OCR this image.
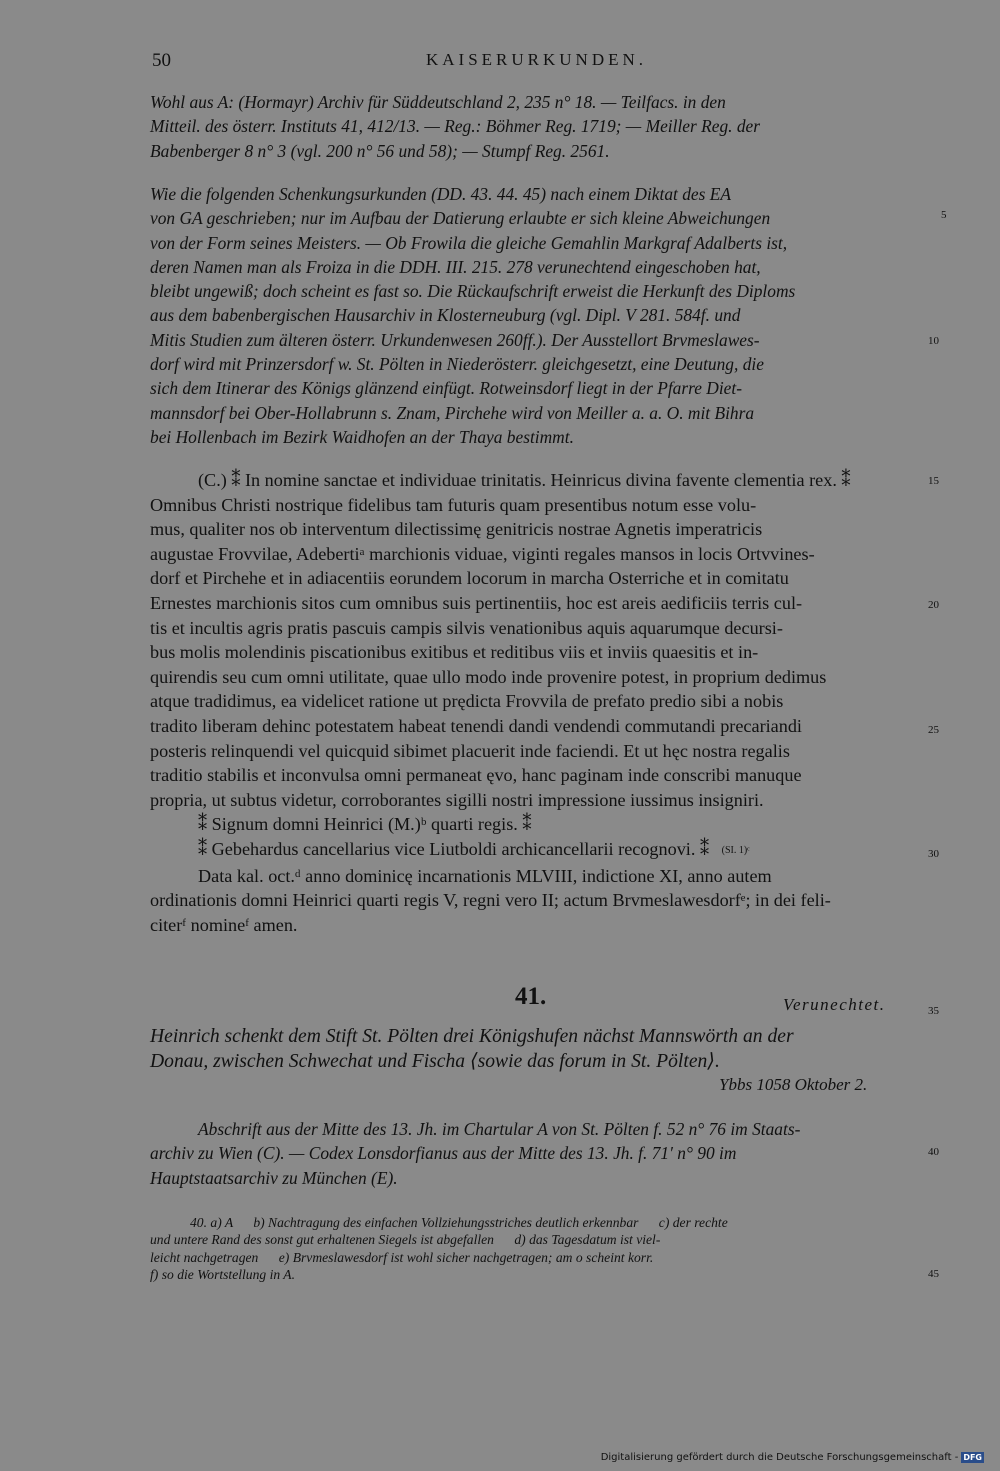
50	KAISERURKUNDEN.
Wohl aus A: (Hormayr) Archiv für Süddeutschland 2, 235 n° 18. — Teilfacs. in den
Mitteil. des österr. Instituts 41, 412/13. — Reg.: Böhmer Reg. 1719; — Meiller Reg. der
Babenberger 8 n° 3 (vgl. 200 n° 56 und 58); — Stumpf Reg. 2561.
Wie die folgenden Schenkungsurkunden (DD. 43. 44. 45) nach einem Diktat des EA
von GA geschrieben; nur im Aufbau der Datierung erlaubte er sich kleine Abweichungen
von der Form seines Meisters. — Ob Frowila die gleiche Gemahlin Markgraf Adalberts ist,
deren Namen man als Froiza in die DDH. III. 215. 278 verunechtend eingeschoben hat,
bleibt ungewiß; doch scheint es fast so. Die Rückaufschrift erweist die Herkunft des Diploms
aus dem babenbergischen Hausarchiv in Klosterneuburg (vgl. Dipl. V 281. 584f. und
Mitis Studien zum älteren österr. Urkundenwesen 260ff.). Der Ausstellort Brvmeslawes-
dorf wird mit Prinzersdorf w. St. Pölten in Niederösterr. gleichgesetzt, eine Deutung, die
sich dem Itinerar des Königs glänzend einfügt. Rotweinsdorf liegt in der Pfarre Diet-
mannsdorf bei Ober-Hollabrunn s. Znam, Pirchehe wird von Meiller a. a. O. mit Bihra
bei Hollenbach im Bezirk Waidhofen an der Thaya bestimmt.
(C.) ⁑ In nomine sanctae et individuae trinitatis. Heinricus divina favente clementia rex. ⁑
Omnibus Christi nostrique fidelibus tam futuris quam presentibus notum esse volu-
mus, qualiter nos ob interventum dilectissimę genitricis nostrae Agnetis imperatricis
augustae Frovvilae, Adebertiᵃ marchionis viduae, viginti regales mansos in locis Ortvvines-
dorf et Pirchehe et in adiacentiis eorundem locorum in marcha Osterriche et in comitatu
Ernestes marchionis sitos cum omnibus suis pertinentiis, hoc est areis aedificiis terris cul-
tis et incultis agris pratis pascuis campis silvis venationibus aquis aquarumque decursi-
bus molis molendinis piscationibus exitibus et reditibus viis et inviis quaesitis et in-
quirendis seu cum omni utilitate, quae ullo modo inde provenire potest, in proprium dedimus
atque tradidimus, ea videlicet ratione ut prędicta Frovvila de prefato predio sibi a nobis
tradito liberam dehinc potestatem habeat tenendi dandi vendendi commutandi precariandi
posteris relinquendi vel quicquid sibimet placuerit inde faciendi. Et ut hęc nostra regalis
traditio stabilis et inconvulsa omni permaneat ęvo, hanc paginam inde conscribi manuque
propria, ut subtus videtur, corroborantes sigilli nostri impressione iussimus insigniri.
⁑ Signum domni Heinrici (M.)ᵇ quarti regis. ⁑
⁑ Gebehardus cancellarius vice Liutboldi archicancellarii recognovi. ⁑ (SI. 1)ᶜ
Data kal. oct.ᵈ anno dominicę incarnationis MLVIII, indictione XI, anno autem
ordinationis domni Heinrici quarti regis V, regni vero II; actum Brvmeslawesdorfᵉ; in dei feli-
citerᶠ nomineᶠ amen.
41.	Verunechtet.
Heinrich schenkt dem Stift St. Pölten drei Königshufen nächst Mannswörth an der
Donau, zwischen Schwechat und Fischa ⟨sowie das forum in St. Pölten⟩.
Ybbs 1058 Oktober 2.
Abschrift aus der Mitte des 13. Jh. im Chartular A von St. Pölten f. 52 n° 76 im Staats-
archiv zu Wien (C). — Codex Lonsdorfianus aus der Mitte des 13. Jh. f. 71′ n° 90 im
Hauptstaatsarchiv zu München (E).
40. a) A      b) Nachtragung des einfachen Vollziehungsstriches deutlich erkennbar      c) der rechte
und untere Rand des sonst gut erhaltenen Siegels ist abgefallen      d) das Tagesdatum ist viel-
leicht nachgetragen      e) Brvmeslawesdorf ist wohl sicher nachgetragen; am o scheint korr.
f) so die Wortstellung in A.
5
10
15
20
25
30
35
40
45
Digitalisierung gefördert durch die Deutsche Forschungsgemeinschaft - DFG
